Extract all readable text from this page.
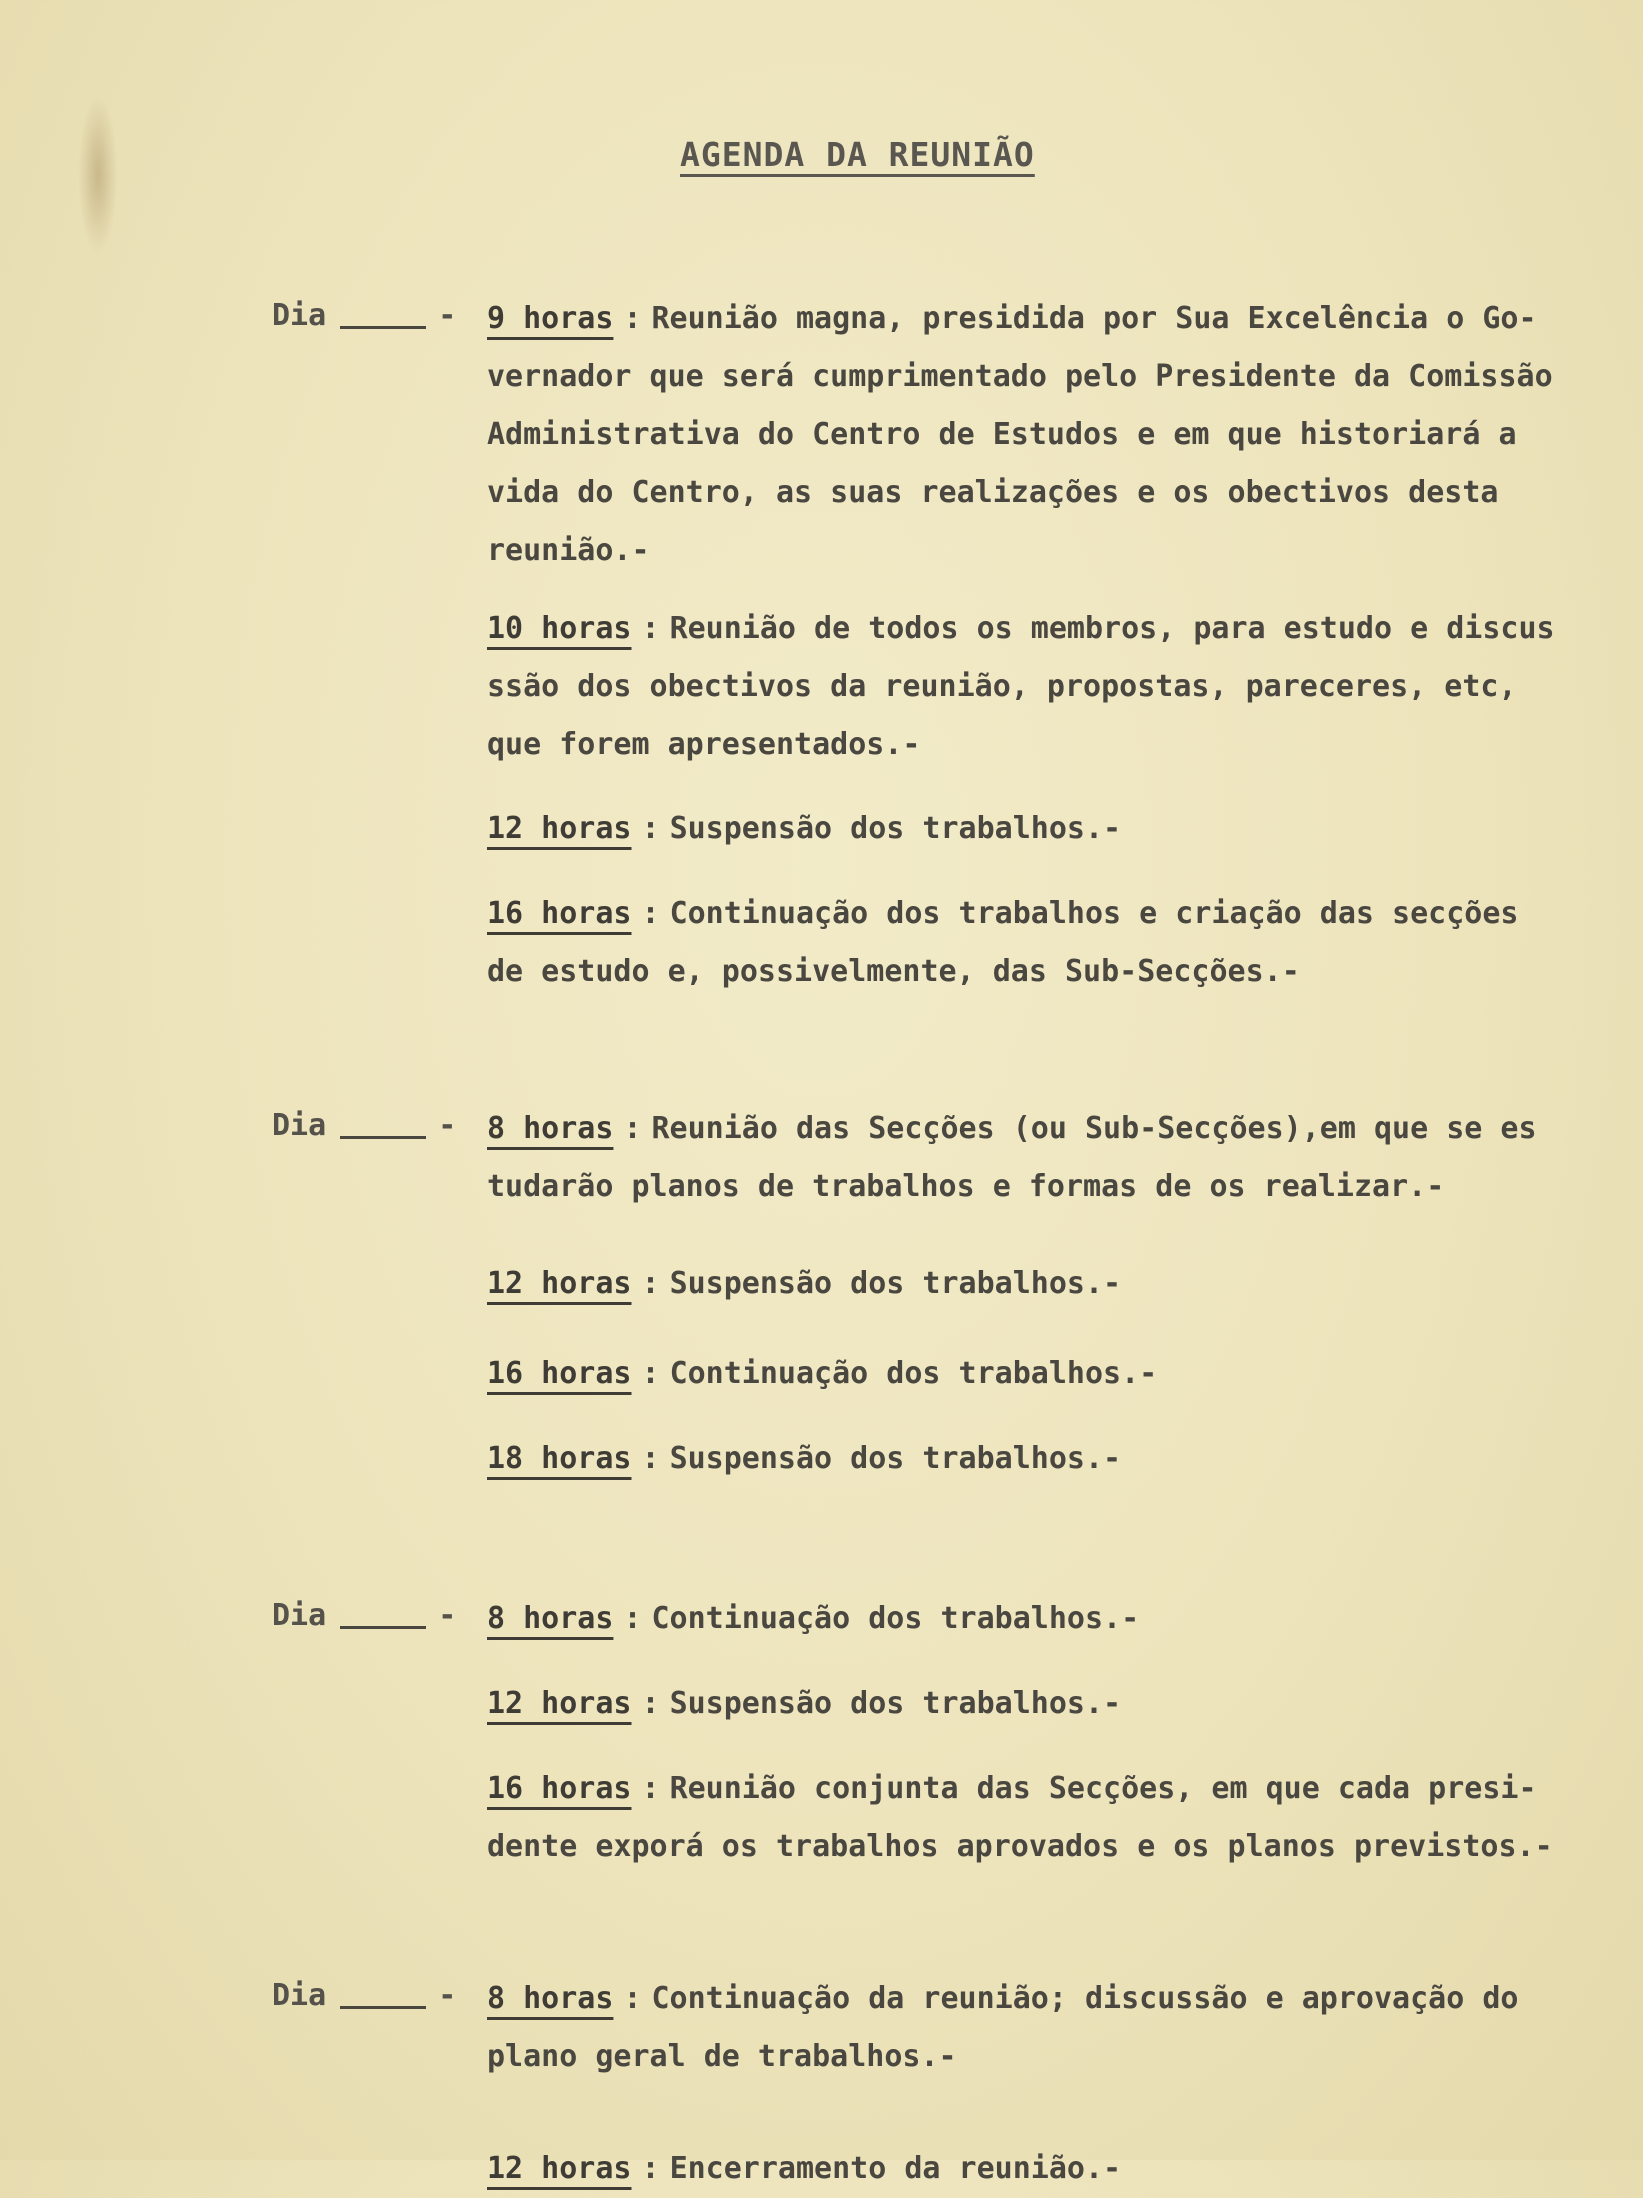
AGENDA DA REUNIÃO
Dia	-	9 horas : Reunião magna, presidida por Sua Excelência o Go-
vernador que será cumprimentado pelo Presidente da Comissão
Administrativa do Centro de Estudos e em que historiará a
vida do Centro, as suas realizações e os obectivos desta
reunião.-
10 horas : Reunião de todos os membros, para estudo e discus
ssão dos obectivos da reunião, propostas, pareceres, etc,
que forem apresentados.-
12 horas : Suspensão dos trabalhos.-
16 horas : Continuação dos trabalhos e criação das secções
de estudo e, possivelmente, das Sub-Secções.-
Dia	-	8 horas : Reunião das Secções (ou Sub-Secções),em que se es
tudarão planos de trabalhos e formas de os realizar.-
12 horas : Suspensão dos trabalhos.-
16 horas : Continuação dos trabalhos.-
18 horas : Suspensão dos trabalhos.-
Dia	-	8 horas : Continuação dos trabalhos.-
12 horas : Suspensão dos trabalhos.-
16 horas : Reunião conjunta das Secções, em que cada presi-
dente exporá os trabalhos aprovados e os planos previstos.-
Dia	-	8 horas : Continuação da reunião; discussão e aprovação do
plano geral de trabalhos.-
12 horas : Encerramento da reunião.-
